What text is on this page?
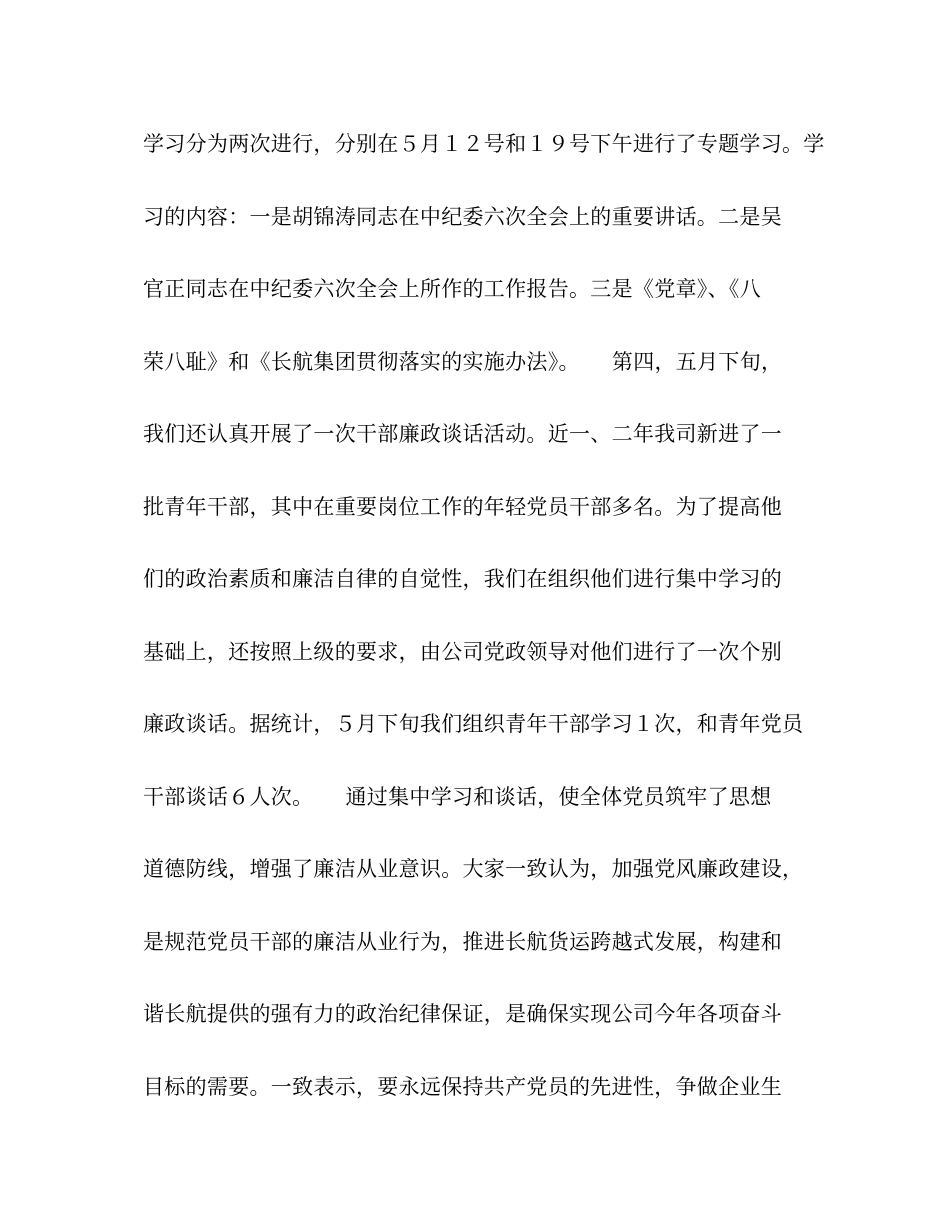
学习分为两次进行，分别在５月１２号和１９号下午进行了专题学习。学
习的内容：一是胡锦涛同志在中纪委六次全会上的重要讲话。二是吴
官正同志在中纪委六次全会上所作的工作报告。三是《党章》、《八
荣八耻》和《长航集团贯彻落实的实施办法》。　　第四，五月下旬，
我们还认真开展了一次干部廉政谈话活动。近一、二年我司新进了一
批青年干部，其中在重要岗位工作的年轻党员干部多名。为了提高他
们的政治素质和廉洁自律的自觉性，我们在组织他们进行集中学习的
基础上，还按照上级的要求，由公司党政领导对他们进行了一次个别
廉政谈话。据统计，５月下旬我们组织青年干部学习１次，和青年党员
干部谈话６人次。　　通过集中学习和谈话，使全体党员筑牢了思想
道德防线，增强了廉洁从业意识。大家一致认为，加强党风廉政建设，
是规范党员干部的廉洁从业行为，推进长航货运跨越式发展，构建和
谐长航提供的强有力的政治纪律保证，是确保实现公司今年各项奋斗
目标的需要。一致表示，要永远保持共产党员的先进性，争做企业生
